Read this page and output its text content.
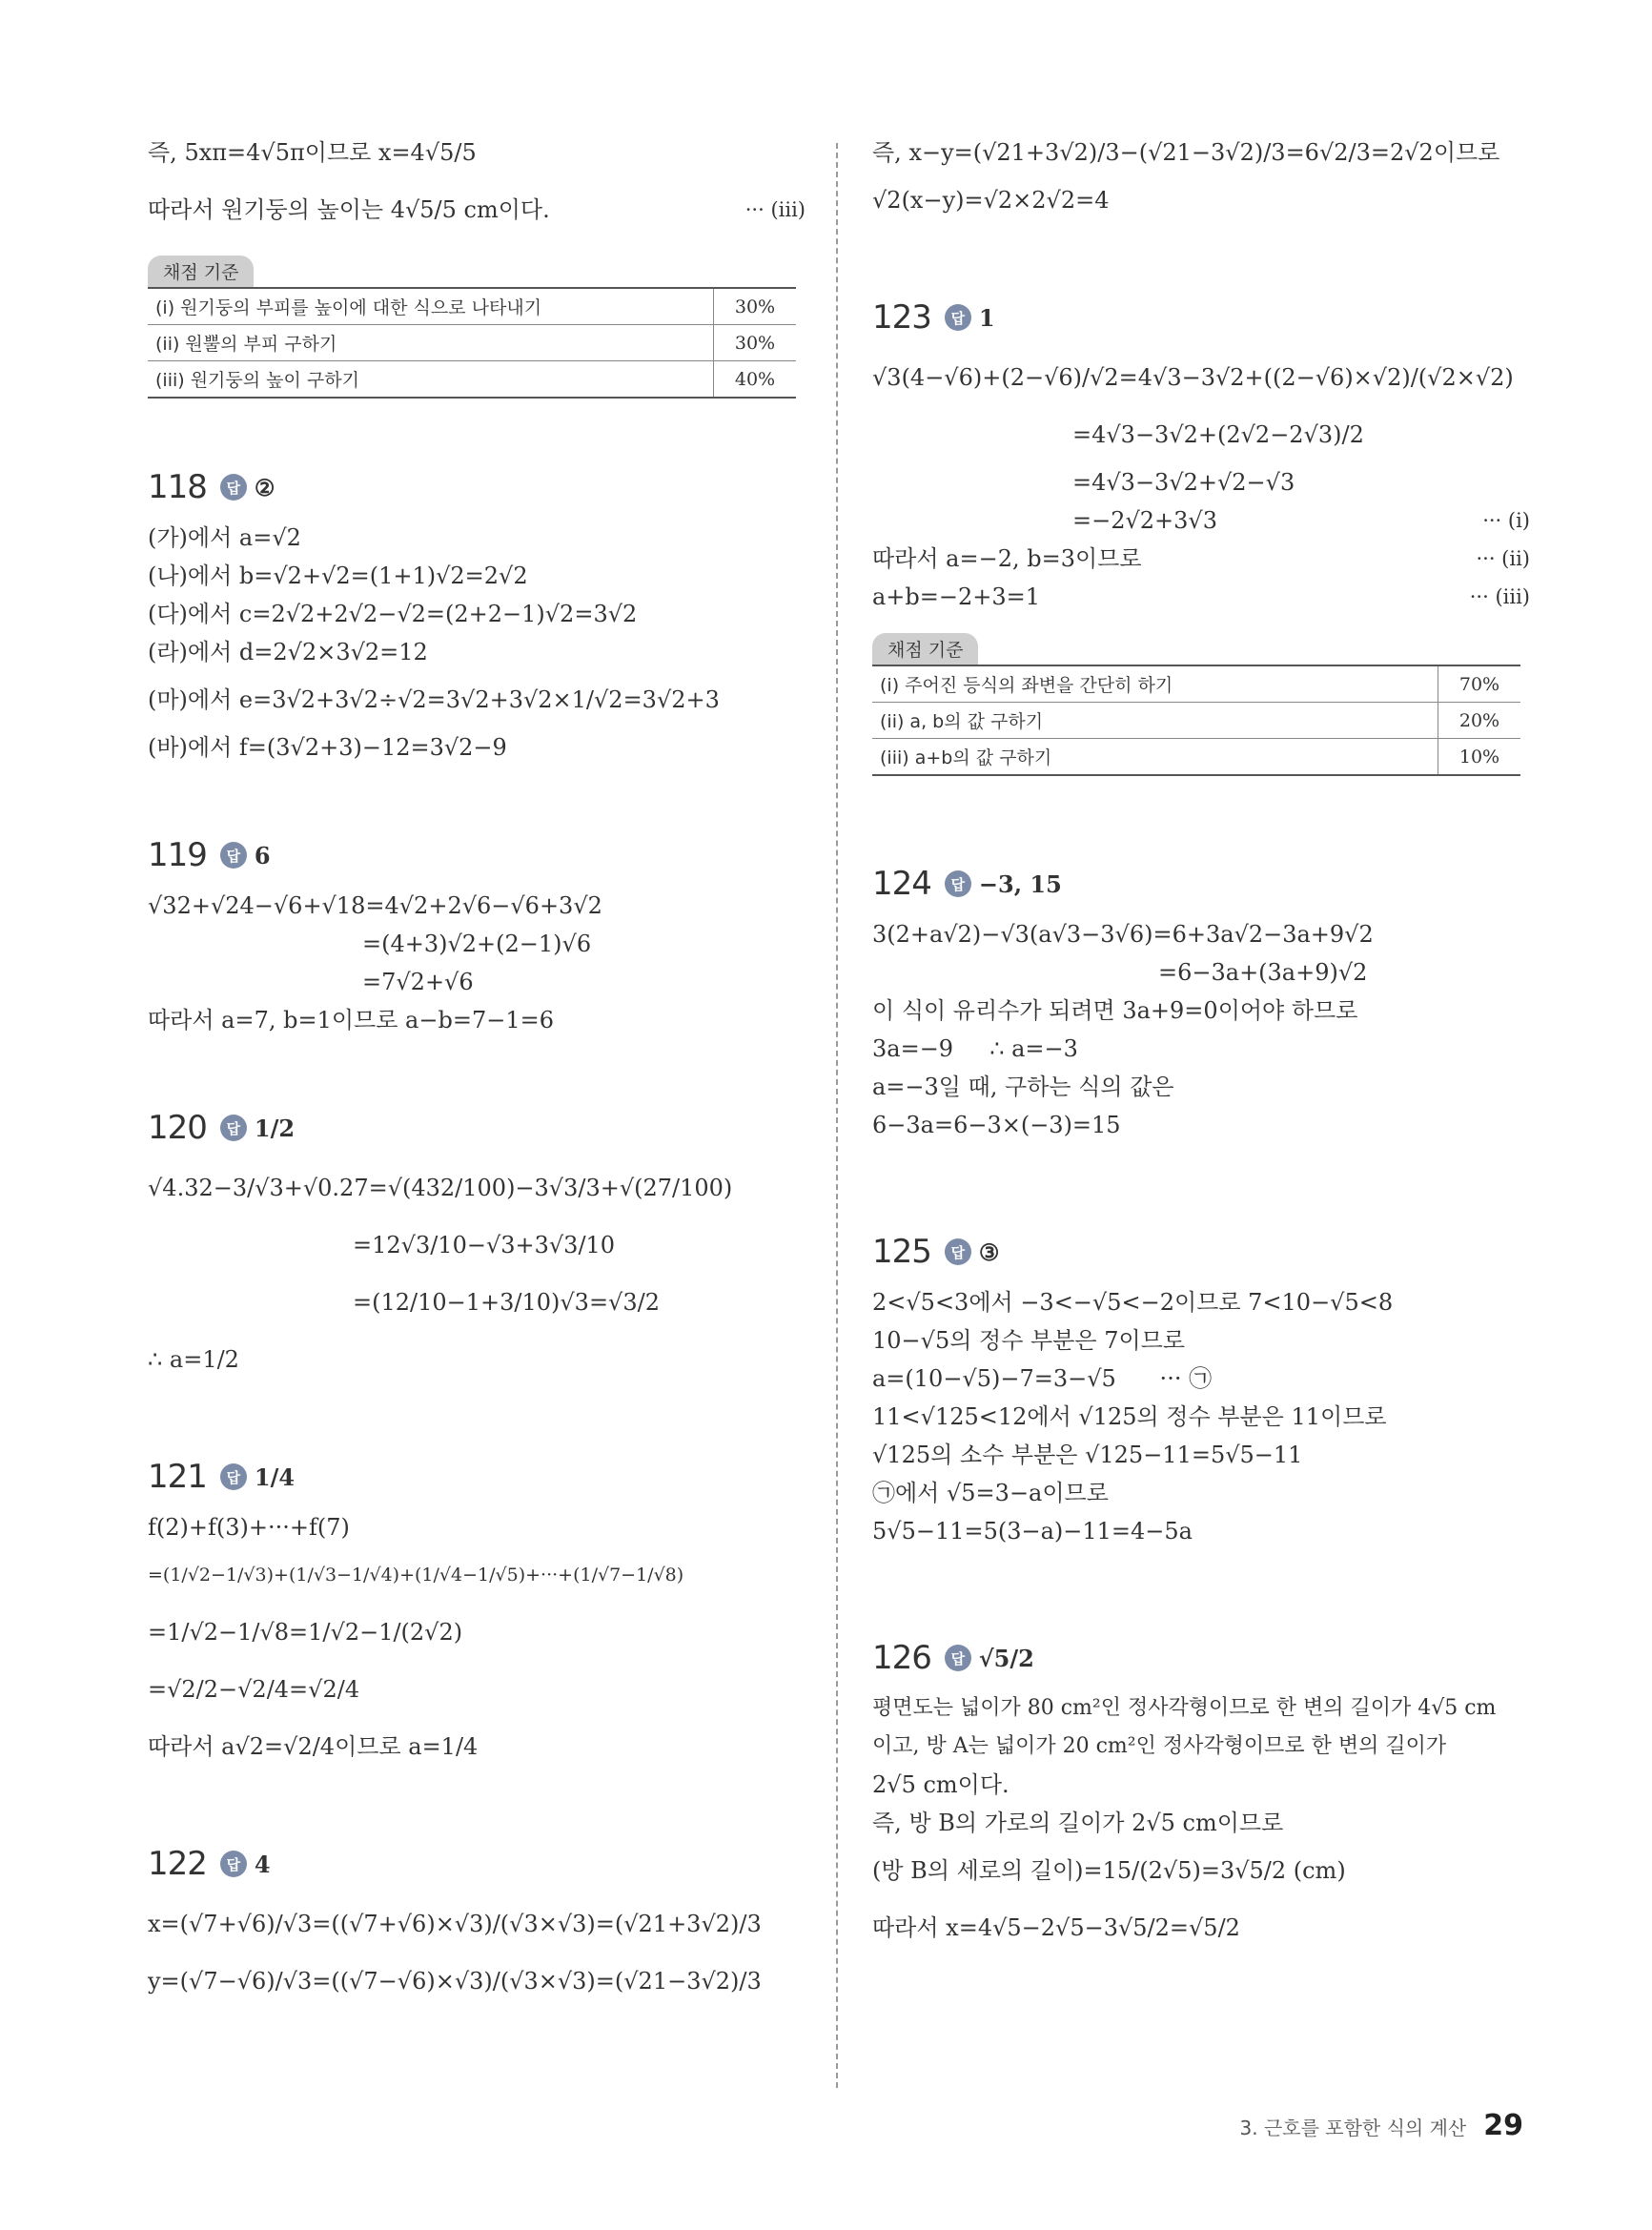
즉, 5xπ=4√5π이므로 x=4√5/5
따라서 원기둥의 높이는 4√5/5 cm이다.	··· (iii)
채점 기준
(i) 원기둥의 부피를 높이에 대한 식으로 나타내기	30%
(ii) 원뿔의 부피 구하기	30%
(iii) 원기둥의 높이 구하기	40%
118	답 ②
(가)에서 a=√2
(나)에서 b=√2+√2=(1+1)√2=2√2
(다)에서 c=2√2+2√2−√2=(2+2−1)√2=3√2
(라)에서 d=2√2×3√2=12
(마)에서 e=3√2+3√2÷√2=3√2+3√2×1/√2=3√2+3
(바)에서 f=(3√2+3)−12=3√2−9
119	답 6
√32+√24−√6+√18=4√2+2√6−√6+3√2
=(4+3)√2+(2−1)√6
=7√2+√6
따라서 a=7, b=1이므로 a−b=7−1=6
120	답 1/2
√4.32−3/√3+√0.27=√(432/100)−3√3/3+√(27/100)
=12√3/10−√3+3√3/10
=(12/10−1+3/10)√3=√3/2
∴ a=1/2
121	답 1/4
f(2)+f(3)+···+f(7)
=(1/√2−1/√3)+(1/√3−1/√4)+(1/√4−1/√5)+···+(1/√7−1/√8)
=1/√2−1/√8=1/√2−1/(2√2)
=√2/2−√2/4=√2/4
따라서 a√2=√2/4이므로 a=1/4
122	답 4
x=(√7+√6)/√3=((√7+√6)×√3)/(√3×√3)=(√21+3√2)/3
y=(√7−√6)/√3=((√7−√6)×√3)/(√3×√3)=(√21−3√2)/3
즉, x−y=(√21+3√2)/3−(√21−3√2)/3=6√2/3=2√2이므로
√2(x−y)=√2×2√2=4
123	답 1
√3(4−√6)+(2−√6)/√2=4√3−3√2+((2−√6)×√2)/(√2×√2)
=4√3−3√2+(2√2−2√3)/2
=4√3−3√2+√2−√3
=−2√2+3√3	··· (i)
따라서 a=−2, b=3이므로	··· (ii)
a+b=−2+3=1	··· (iii)
채점 기준
(i) 주어진 등식의 좌변을 간단히 하기	70%
(ii) a, b의 값 구하기	20%
(iii) a+b의 값 구하기	10%
124	답 −3, 15
3(2+a√2)−√3(a√3−3√6)=6+3a√2−3a+9√2
=6−3a+(3a+9)√2
이 식이 유리수가 되려면 3a+9=0이어야 하므로
3a=−9     ∴ a=−3
a=−3일 때, 구하는 식의 값은
6−3a=6−3×(−3)=15
125	답 ③
2<√5<3에서 −3<−√5<−2이므로 7<10−√5<8
10−√5의 정수 부분은 7이므로
a=(10−√5)−7=3−√5      ··· ㉠
11<√125<12에서 √125의 정수 부분은 11이므로
√125의 소수 부분은 √125−11=5√5−11
㉠에서 √5=3−a이므로
5√5−11=5(3−a)−11=4−5a
126	답 √5/2
평면도는 넓이가 80 cm²인 정사각형이므로 한 변의 길이가 4√5 cm
이고, 방 A는 넓이가 20 cm²인 정사각형이므로 한 변의 길이가
2√5 cm이다.
즉, 방 B의 가로의 길이가 2√5 cm이므로
(방 B의 세로의 길이)=15/(2√5)=3√5/2 (cm)
따라서 x=4√5−2√5−3√5/2=√5/2
3. 근호를 포함한 식의 계산 29
